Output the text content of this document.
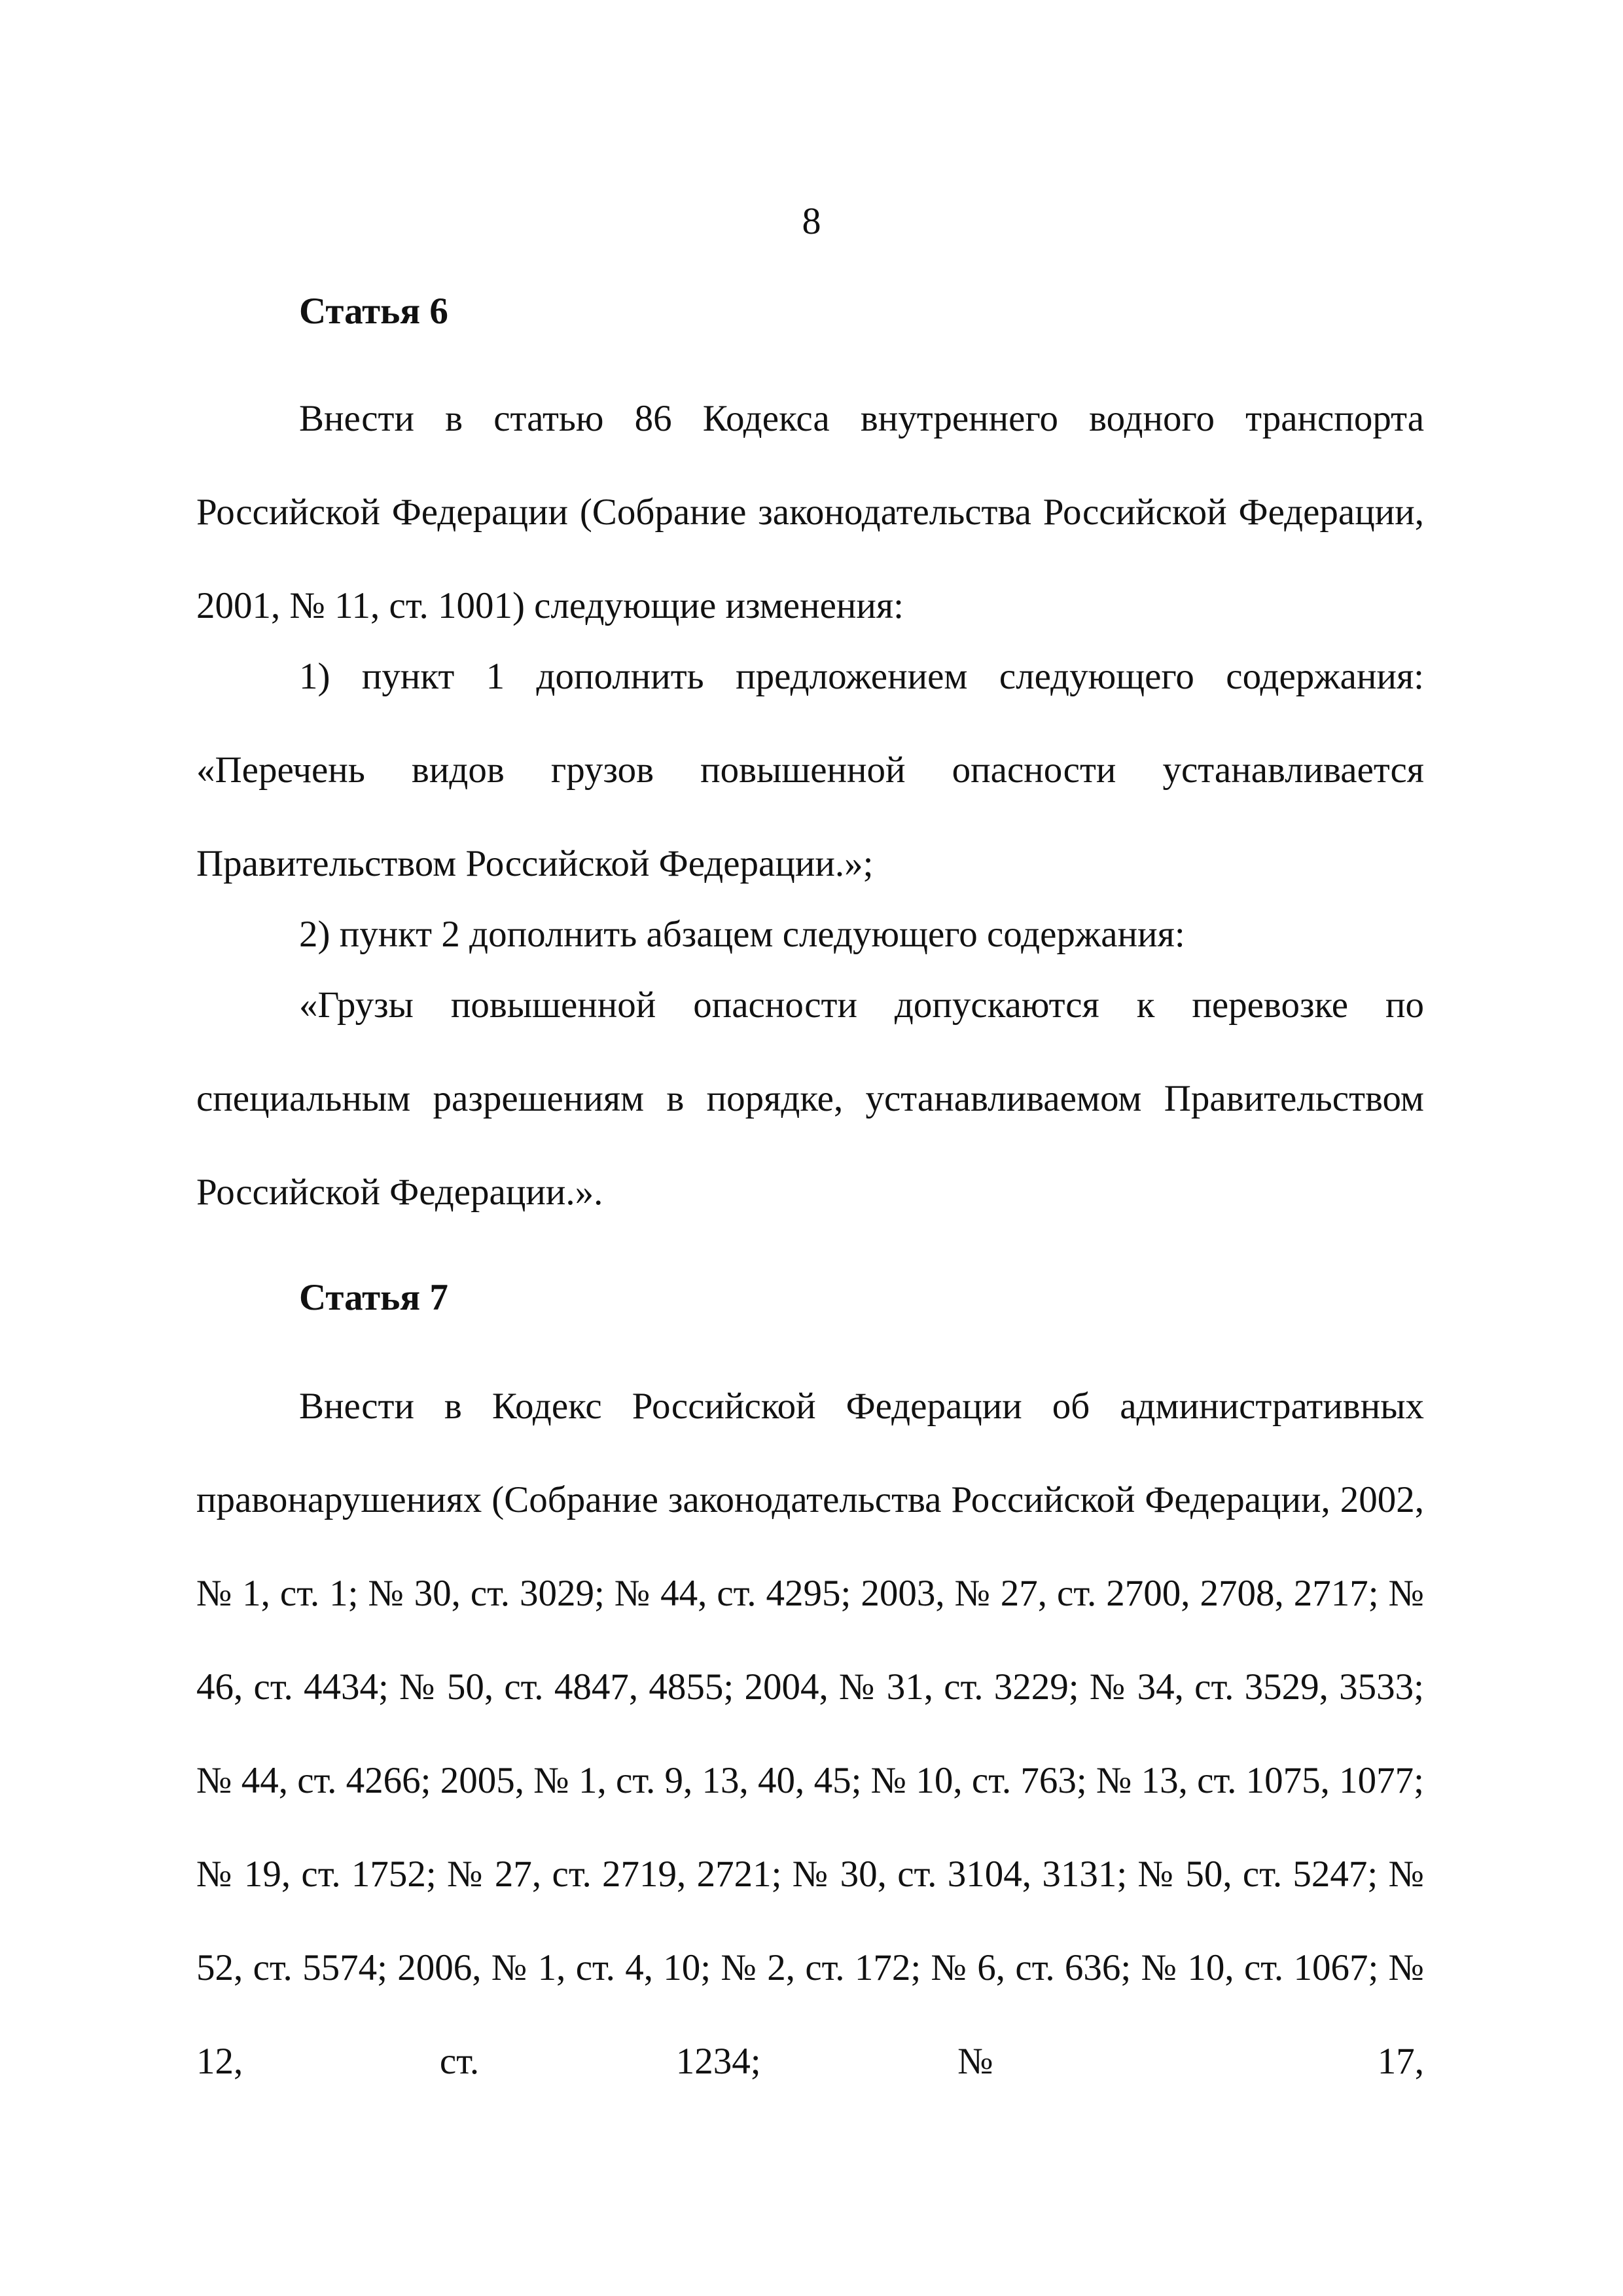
8
Статья 6

Внести в статью 86 Кодекса внутреннего водного транспорта Российской Федерации (Собрание законодательства Российской Федерации, 2001, № 11, ст. 1001) следующие изменения:

1) пункт 1 дополнить предложением следующего содержания: «Перечень видов грузов повышенной опасности устанавливается Правительством Российской Федерации.»;

2) пункт 2 дополнить абзацем следующего содержания:

«Грузы повышенной опасности допускаются к перевозке по специальным разрешениям в порядке, устанавливаемом Правительством Российской Федерации.».

Статья 7

Внести в Кодекс Российской Федерации об административных правонарушениях (Собрание законодательства Российской Федерации, 2002, № 1, ст. 1; № 30, ст. 3029; № 44, ст. 4295; 2003, № 27, ст. 2700, 2708, 2717; № 46, ст. 4434; № 50, ст. 4847, 4855; 2004, № 31, ст. 3229; № 34, ст. 3529, 3533; № 44, ст. 4266; 2005, № 1, ст. 9, 13, 40, 45; № 10, ст. 763; № 13, ст. 1075, 1077; № 19, ст. 1752; № 27, ст. 2719, 2721; № 30, ст. 3104, 3131; № 50, ст. 5247; № 52, ст. 5574; 2006, № 1, ст. 4, 10; № 2, ст. 172; № 6, ст. 636; № 10, ст. 1067; № 12, ст. 1234; № 17,
